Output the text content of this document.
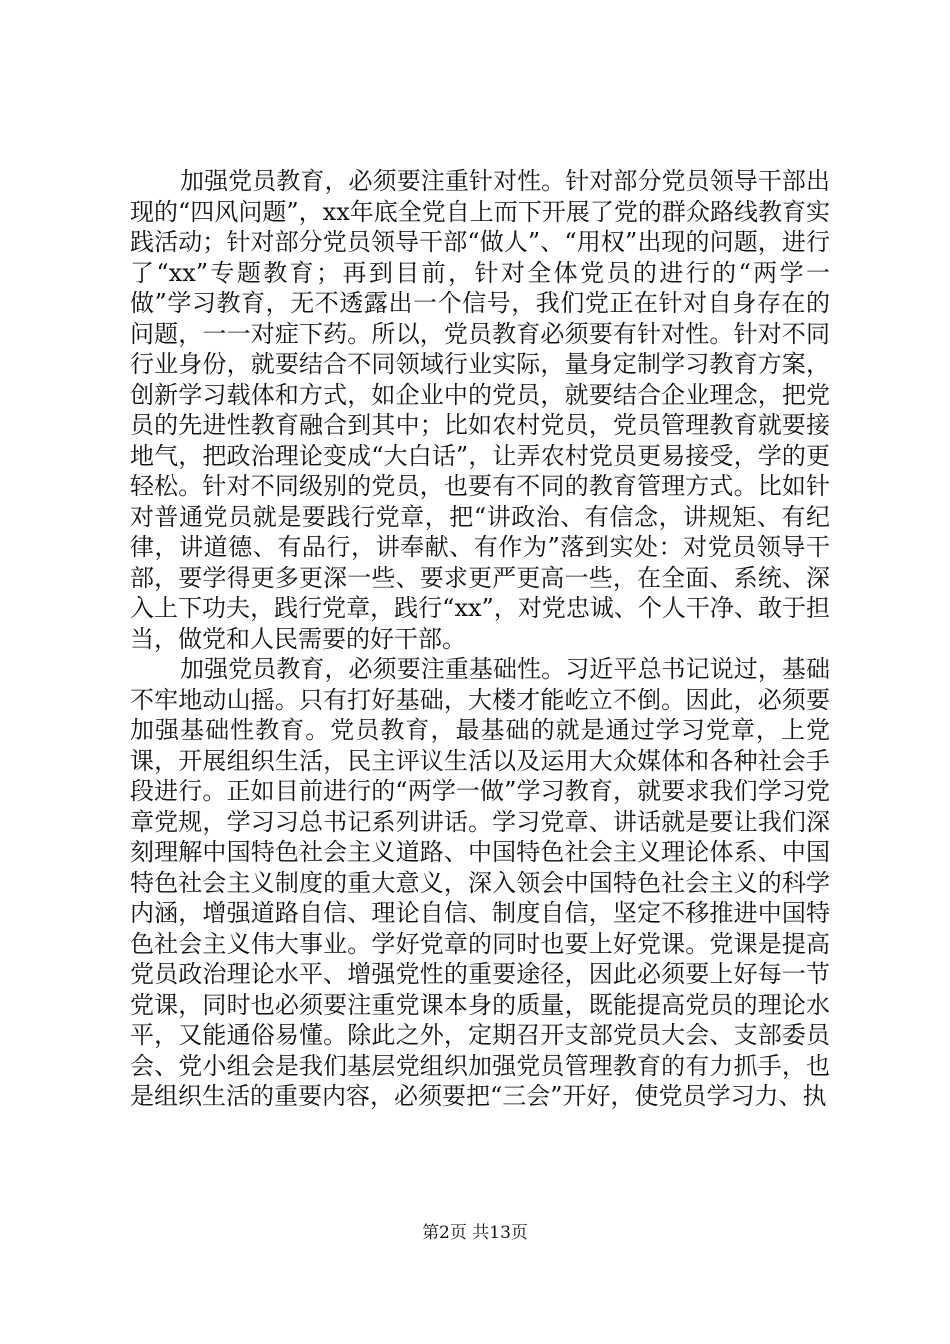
加强党员教育，必须要注重针对性。针对部分党员领导干部出现的“四风问题”，xx年底全党自上而下开展了党的群众路线教育实践活动；针对部分党员领导干部“做人”、“用权”出现的问题，进行了“xx”专题教育；再到目前，针对全体党员的进行的“两学一做”学习教育，无不透露出一个信号，我们党正在针对自身存在的问题，一一对症下药。所以，党员教育必须要有针对性。针对不同行业身份，就要结合不同领域行业实际，量身定制学习教育方案，创新学习载体和方式，如企业中的党员，就要结合企业理念，把党员的先进性教育融合到其中；比如农村党员，党员管理教育就要接地气，把政治理论变成“大白话”，让弄农村党员更易接受，学的更轻松。针对不同级别的党员，也要有不同的教育管理方式。比如针对普通党员就是要践行党章，把“讲政治、有信念，讲规矩、有纪律，讲道德、有品行，讲奉献、有作为”落到实处：对党员领导干部，要学得更多更深一些、要求更严更高一些，在全面、系统、深入上下功夫，践行党章，践行“xx”，对党忠诚、个人干净、敢于担当，做党和人民需要的好干部。

加强党员教育，必须要注重基础性。习近平总书记说过，基础不牢地动山摇。只有打好基础，大楼才能屹立不倒。因此，必须要加强基础性教育。党员教育，最基础的就是通过学习党章，上党课，开展组织生活，民主评议生活以及运用大众媒体和各种社会手段进行。正如目前进行的“两学一做”学习教育，就要求我们学习党章党规，学习习总书记系列讲话。学习党章、讲话就是要让我们深刻理解中国特色社会主义道路、中国特色社会主义理论体系、中国特色社会主义制度的重大意义，深入领会中国特色社会主义的科学内涵，增强道路自信、理论自信、制度自信，坚定不移推进中国特色社会主义伟大事业。学好党章的同时也要上好党课。党课是提高党员政治理论水平、增强党性的重要途径，因此必须要上好每一节党课，同时也必须要注重党课本身的质量，既能提高党员的理论水平，又能通俗易懂。除此之外，定期召开支部党员大会、支部委员会、党小组会是我们基层党组织加强党员管理教育的有力抓手，也是组织生活的重要内容，必须要把“三会”开好，使党员学习力、执

第2页 共13页
